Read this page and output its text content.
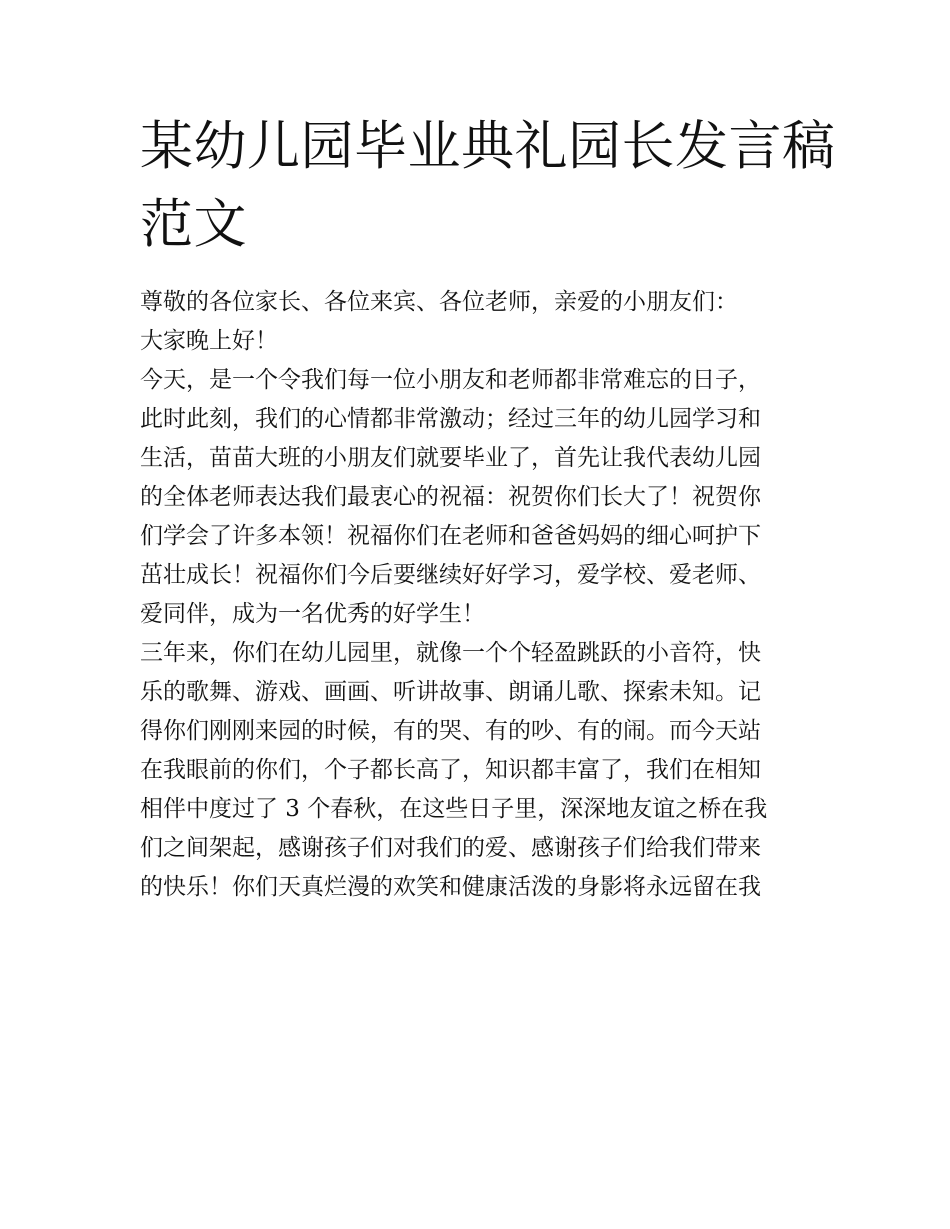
某幼儿园毕业典礼园长发言稿
范文
尊敬的各位家长、各位来宾、各位老师，亲爱的小朋友们：
大家晚上好！
今天，是一个令我们每一位小朋友和老师都非常难忘的日子，
此时此刻，我们的心情都非常激动；经过三年的幼儿园学习和
生活，苗苗大班的小朋友们就要毕业了，首先让我代表幼儿园
的全体老师表达我们最衷心的祝福：祝贺你们长大了！祝贺你
们学会了许多本领！祝福你们在老师和爸爸妈妈的细心呵护下
茁壮成长！祝福你们今后要继续好好学习，爱学校、爱老师、
爱同伴，成为一名优秀的好学生！
三年来，你们在幼儿园里，就像一个个轻盈跳跃的小音符，快
乐的歌舞、游戏、画画、听讲故事、朗诵儿歌、探索未知。记
得你们刚刚来园的时候，有的哭、有的吵、有的闹。而今天站
在我眼前的你们，个子都长高了，知识都丰富了，我们在相知
相伴中度过了 3 个春秋，在这些日子里，深深地友谊之桥在我
们之间架起，感谢孩子们对我们的爱、感谢孩子们给我们带来
的快乐！你们天真烂漫的欢笑和健康活泼的身影将永远留在我
